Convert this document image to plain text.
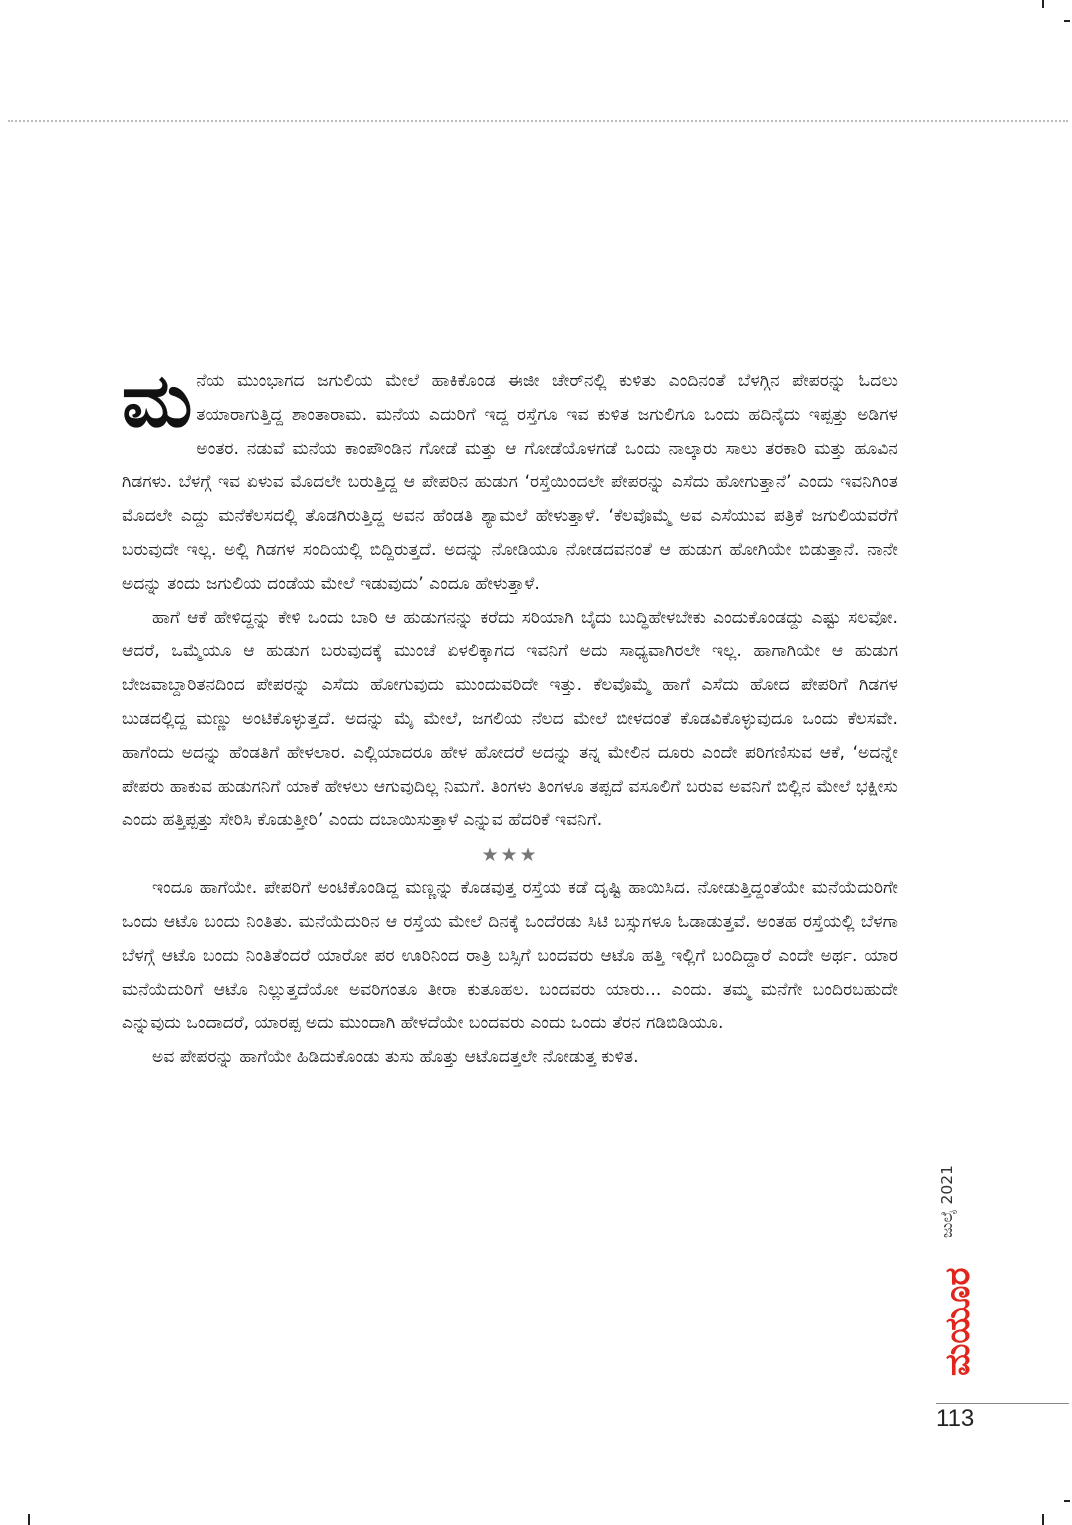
ಮನೆಯ ಮುಂಭಾಗದ ಜಗುಲಿಯ ಮೇಲೆ ಹಾಕಿಕೊಂಡ ಈಜೀ ಚೇರ್‌ನಲ್ಲಿ ಕುಳಿತು ಎಂದಿನಂತೆ ಬೆಳಗ್ಗಿನ ಪೇಪರನ್ನು ಓದಲು ತಯಾರಾಗುತ್ತಿದ್ದ ಶಾಂತಾರಾಮ. ಮನೆಯ ಎದುರಿಗೆ ಇದ್ದ ರಸ್ತೆಗೂ ಇವ ಕುಳಿತ ಜಗುಲಿಗೂ ಒಂದು ಹದಿನೈದು ಇಪ್ಪತ್ತು ಅಡಿಗಳ ಅಂತರ. ನಡುವೆ ಮನೆಯ ಕಾಂಪೌಂಡಿನ ಗೋಡೆ ಮತ್ತು ಆ ಗೋಡೆಯೊಳಗಡೆ ಒಂದು ನಾಲ್ಕಾರು ಸಾಲು ತರಕಾರಿ ಮತ್ತು ಹೂವಿನ ಗಿಡಗಳು. ಬೆಳಗ್ಗೆ ಇವ ಏಳುವ ಮೊದಲೇ ಬರುತ್ತಿದ್ದ ಆ ಪೇಪರಿನ ಹುಡುಗ ‘ರಸ್ತೆಯಿಂದಲೇ ಪೇಪರನ್ನು ಎಸೆದು ಹೋಗುತ್ತಾನೆ’ ಎಂದು ಇವನಿಗಿಂತ ಮೊದಲೇ ಎದ್ದು ಮನೆಕೆಲಸದಲ್ಲಿ ತೊಡಗಿರುತ್ತಿದ್ದ ಅವನ ಹೆಂಡತಿ ಶ್ಯಾಮಲೆ ಹೇಳುತ್ತಾಳೆ. ‘ಕೆಲವೊಮ್ಮೆ ಅವ ಎಸೆಯುವ ಪತ್ರಿಕೆ ಜಗುಲಿಯವರೆಗೆ ಬರುವುದೇ ಇಲ್ಲ. ಅಲ್ಲಿ ಗಿಡಗಳ ಸಂದಿಯಲ್ಲಿ ಬಿದ್ದಿರುತ್ತದೆ. ಅದನ್ನು ನೋಡಿಯೂ ನೋಡದವನಂತೆ ಆ ಹುಡುಗ ಹೋಗಿಯೇ ಬಿಡುತ್ತಾನೆ. ನಾನೇ ಅದನ್ನು ತಂದು ಜಗುಲಿಯ ದಂಡೆಯ ಮೇಲೆ ಇಡುವುದು’ ಎಂದೂ ಹೇಳುತ್ತಾಳೆ.

ಹಾಗೆ ಆಕೆ ಹೇಳಿದ್ದನ್ನು ಕೇಳಿ ಒಂದು ಬಾರಿ ಆ ಹುಡುಗನನ್ನು ಕರೆದು ಸರಿಯಾಗಿ ಬೈದು ಬುದ್ಧಿಹೇಳಬೇಕು ಎಂದುಕೊಂಡದ್ದು ಎಷ್ಟು ಸಲವೋ. ಆದರೆ, ಒಮ್ಮೆಯೂ ಆ ಹುಡುಗ ಬರುವುದಕ್ಕೆ ಮುಂಚೆ ಏಳಲಿಕ್ಕಾಗದ ಇವನಿಗೆ ಅದು ಸಾಧ್ಯವಾಗಿರಲೇ ಇಲ್ಲ. ಹಾಗಾಗಿಯೇ ಆ ಹುಡುಗ ಬೇಜವಾಬ್ದಾರಿತನದಿಂದ ಪೇಪರನ್ನು ಎಸೆದು ಹೋಗುವುದು ಮುಂದುವರಿದೇ ಇತ್ತು. ಕೆಲವೊಮ್ಮೆ ಹಾಗೆ ಎಸೆದು ಹೋದ ಪೇಪರಿಗೆ ಗಿಡಗಳ ಬುಡದಲ್ಲಿದ್ದ ಮಣ್ಣು ಅಂಟಿಕೊಳ್ಳುತ್ತದೆ. ಅದನ್ನು ಮೈ ಮೇಲೆ, ಜಗಲಿಯ ನೆಲದ ಮೇಲೆ ಬೀಳದಂತೆ ಕೊಡವಿಕೊಳ್ಳುವುದೂ ಒಂದು ಕೆಲಸವೇ. ಹಾಗೆಂದು ಅದನ್ನು ಹೆಂಡತಿಗೆ ಹೇಳಲಾರ. ಎಲ್ಲಿಯಾದರೂ ಹೇಳ ಹೋದರೆ ಅದನ್ನು ತನ್ನ ಮೇಲಿನ ದೂರು ಎಂದೇ ಪರಿಗಣಿಸುವ ಆಕೆ, ‘ಅದನ್ನೇ ಪೇಪರು ಹಾಕುವ ಹುಡುಗನಿಗೆ ಯಾಕೆ ಹೇಳಲು ಆಗುವುದಿಲ್ಲ ನಿಮಗೆ. ತಿಂಗಳು ತಿಂಗಳೂ ತಪ್ಪದೆ ವಸೂಲಿಗೆ ಬರುವ ಅವನಿಗೆ ಬಿಲ್ಲಿನ ಮೇಲೆ ಭಕ್ಷೀಸು ಎಂದು ಹತ್ತಿಪ್ಪತ್ತು ಸೇರಿಸಿ ಕೊಡುತ್ತೀರಿ’ ಎಂದು ದಬಾಯಿಸುತ್ತಾಳೆ ಎನ್ನುವ ಹೆದರಿಕೆ ಇವನಿಗೆ.

★★★

ಇಂದೂ ಹಾಗೆಯೇ. ಪೇಪರಿಗೆ ಅಂಟಿಕೊಂಡಿದ್ದ ಮಣ್ಣನ್ನು ಕೊಡವುತ್ತ ರಸ್ತೆಯ ಕಡೆ ದೃಷ್ಟಿ ಹಾಯಿಸಿದ. ನೋಡುತ್ತಿದ್ದಂತೆಯೇ ಮನೆಯೆದುರಿಗೇ ಒಂದು ಆಟೊ ಬಂದು ನಿಂತಿತು. ಮನೆಯೆದುರಿನ ಆ ರಸ್ತೆಯ ಮೇಲೆ ದಿನಕ್ಕೆ ಒಂದೆರಡು ಸಿಟಿ ಬಸ್ಸುಗಳೂ ಓಡಾಡುತ್ತವೆ. ಅಂತಹ ರಸ್ತೆಯಲ್ಲಿ ಬೆಳಗಾ ಬೆಳಗ್ಗೆ ಆಟೊ ಬಂದು ನಿಂತಿತೆಂದರೆ ಯಾರೋ ಪರ ಊರಿನಿಂದ ರಾತ್ರಿ ಬಸ್ಸಿಗೆ ಬಂದವರು ಆಟೊ ಹತ್ತಿ ಇಲ್ಲಿಗೆ ಬಂದಿದ್ದಾರೆ ಎಂದೇ ಅರ್ಥ. ಯಾರ ಮನೆಯೆದುರಿಗೆ ಆಟೊ ನಿಲ್ಲುತ್ತದೆಯೋ ಅವರಿಗಂತೂ ತೀರಾ ಕುತೂಹಲ. ಬಂದವರು ಯಾರು... ಎಂದು. ತಮ್ಮ ಮನೆಗೇ ಬಂದಿರಬಹುದೇ ಎನ್ನುವುದು ಒಂದಾದರೆ, ಯಾರಪ್ಪ ಅದು ಮುಂದಾಗಿ ಹೇಳದೆಯೇ ಬಂದವರು ಎಂದು ಒಂದು ತೆರನ ಗಡಿಬಿಡಿಯೂ.

ಅವ ಪೇಪರನ್ನು ಹಾಗೆಯೇ ಹಿಡಿದುಕೊಂಡು ತುಸು ಹೊತ್ತು ಆಟೊದತ್ತಲೇ ನೋಡುತ್ತ ಕುಳಿತ.

ಜುಲೈ 2021
ಮಯೂರ
113
